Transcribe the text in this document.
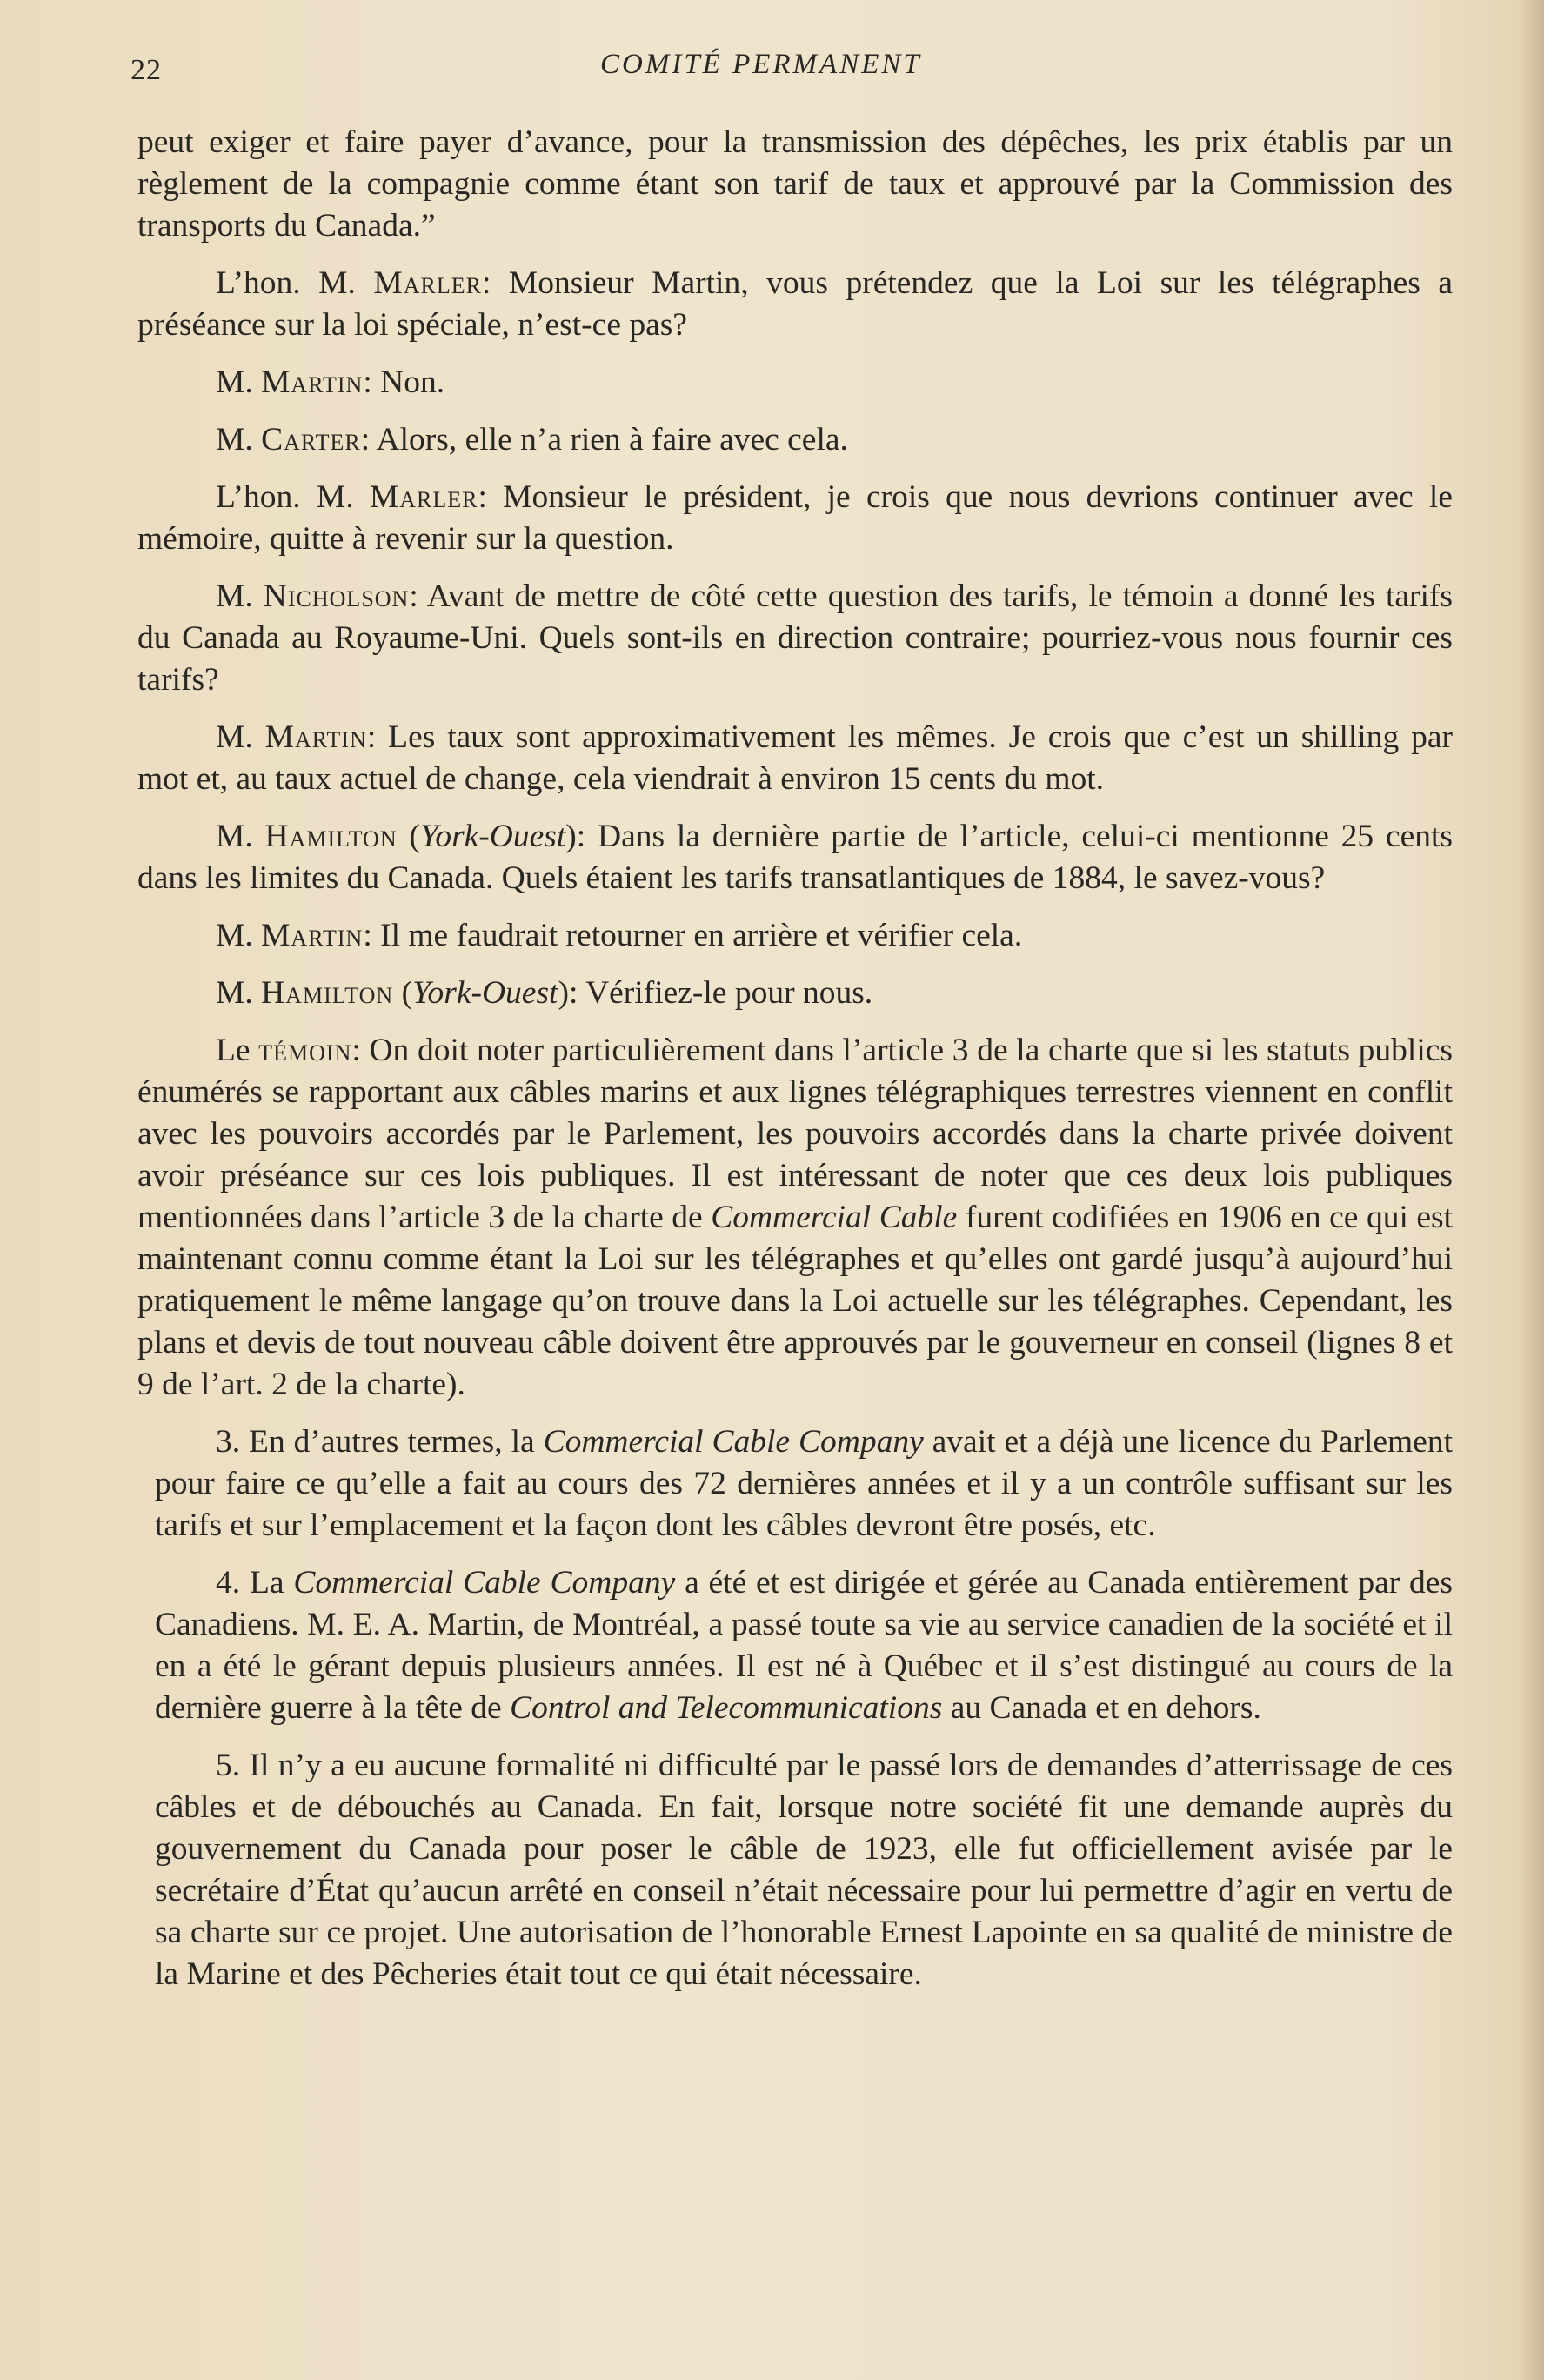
22	COMITÉ PERMANENT

peut exiger et faire payer d’avance, pour la transmission des dépêches, les prix établis par un règlement de la compagnie comme étant son tarif de taux et approuvé par la Commission des transports du Canada.”

L’hon. M. Marler: Monsieur Martin, vous prétendez que la Loi sur les télégraphes a préséance sur la loi spéciale, n’est-ce pas?

M. Martin: Non.

M. Carter: Alors, elle n’a rien à faire avec cela.

L’hon. M. Marler: Monsieur le président, je crois que nous devrions continuer avec le mémoire, quitte à revenir sur la question.

M. Nicholson: Avant de mettre de côté cette question des tarifs, le témoin a donné les tarifs du Canada au Royaume-Uni. Quels sont-ils en direction contraire; pourriez-vous nous fournir ces tarifs?

M. Martin: Les taux sont approximativement les mêmes. Je crois que c’est un shilling par mot et, au taux actuel de change, cela viendrait à environ 15 cents du mot.

M. Hamilton (York-Ouest): Dans la dernière partie de l’article, celui-ci mentionne 25 cents dans les limites du Canada. Quels étaient les tarifs transatlantiques de 1884, le savez-vous?

M. Martin: Il me faudrait retourner en arrière et vérifier cela.

M. Hamilton (York-Ouest): Vérifiez-le pour nous.

Le témoin: On doit noter particulièrement dans l’article 3 de la charte que si les statuts publics énumérés se rapportant aux câbles marins et aux lignes télégraphiques terrestres viennent en conflit avec les pouvoirs accordés par le Parlement, les pouvoirs accordés dans la charte privée doivent avoir préséance sur ces lois publiques. Il est intéressant de noter que ces deux lois publiques mentionnées dans l’article 3 de la charte de Commercial Cable furent codifiées en 1906 en ce qui est maintenant connu comme étant la Loi sur les télégraphes et qu’elles ont gardé jusqu’à aujourd’hui pratiquement le même langage qu’on trouve dans la Loi actuelle sur les télégraphes. Cependant, les plans et devis de tout nouveau câble doivent être approuvés par le gouverneur en conseil (lignes 8 et 9 de l’art. 2 de la charte).

3. En d’autres termes, la Commercial Cable Company avait et a déjà une licence du Parlement pour faire ce qu’elle a fait au cours des 72 dernières années et il y a un contrôle suffisant sur les tarifs et sur l’emplacement et la façon dont les câbles devront être posés, etc.

4. La Commercial Cable Company a été et est dirigée et gérée au Canada entièrement par des Canadiens. M. E. A. Martin, de Montréal, a passé toute sa vie au service canadien de la société et il en a été le gérant depuis plusieurs années. Il est né à Québec et il s’est distingué au cours de la dernière guerre à la tête de Control and Telecommunications au Canada et en dehors.

5. Il n’y a eu aucune formalité ni difficulté par le passé lors de demandes d’atterrissage de ces câbles et de débouchés au Canada. En fait, lorsque notre société fit une demande auprès du gouvernement du Canada pour poser le câble de 1923, elle fut officiellement avisée par le secrétaire d’État qu’aucun arrêté en conseil n’était nécessaire pour lui permettre d’agir en vertu de sa charte sur ce projet. Une autorisation de l’honorable Ernest Lapointe en sa qualité de ministre de la Marine et des Pêcheries était tout ce qui était nécessaire.
